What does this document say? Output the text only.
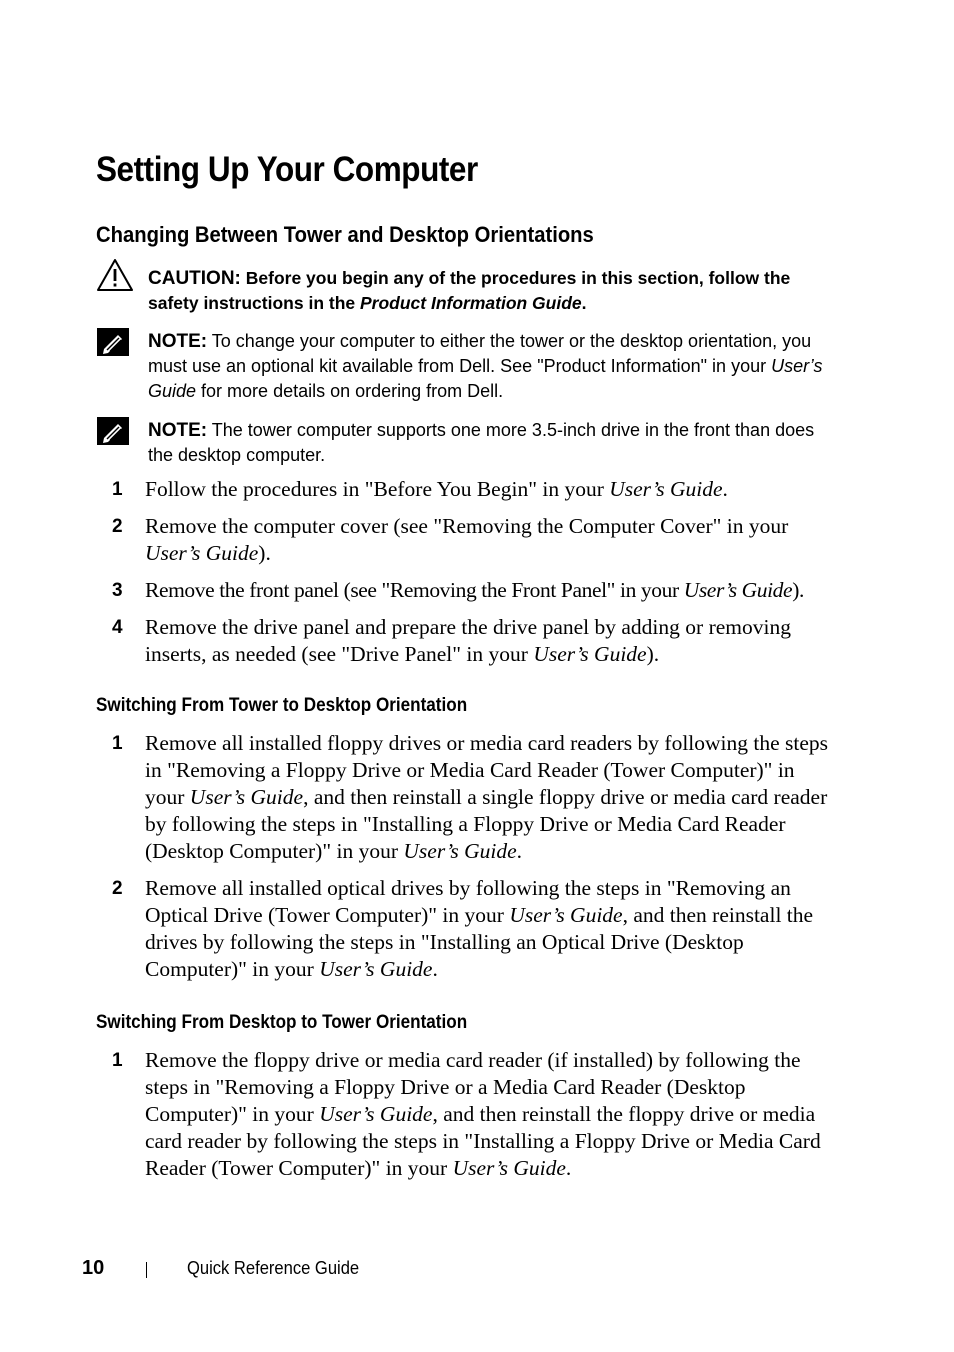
Setting Up Your Computer
Changing Between Tower and Desktop Orientations
CAUTION: Before you begin any of the procedures in this section, follow the safety instructions in the Product Information Guide.
NOTE: To change your computer to either the tower or the desktop orientation, you must use an optional kit available from Dell. See "Product Information" in your User’s Guide for more details on ordering from Dell.
NOTE: The tower computer supports one more 3.5-inch drive in the front than does the desktop computer.
1 Follow the procedures in "Before You Begin" in your User’s Guide.
2 Remove the computer cover (see "Removing the Computer Cover" in your User’s Guide).
3 Remove the front panel (see "Removing the Front Panel" in your User’s Guide).
4 Remove the drive panel and prepare the drive panel by adding or removing inserts, as needed (see "Drive Panel" in your User’s Guide).
Switching From Tower to Desktop Orientation
1 Remove all installed floppy drives or media card readers by following the steps in "Removing a Floppy Drive or Media Card Reader (Tower Computer)" in your User’s Guide, and then reinstall a single floppy drive or media card reader by following the steps in "Installing a Floppy Drive or Media Card Reader (Desktop Computer)" in your User’s Guide.
2 Remove all installed optical drives by following the steps in "Removing an Optical Drive (Tower Computer)" in your User’s Guide, and then reinstall the drives by following the steps in "Installing an Optical Drive (Desktop Computer)" in your User’s Guide.
Switching From Desktop to Tower Orientation
1 Remove the floppy drive or media card reader (if installed) by following the steps in "Removing a Floppy Drive or a Media Card Reader (Desktop Computer)" in your User’s Guide, and then reinstall the floppy drive or media card reader by following the steps in "Installing a Floppy Drive or Media Card Reader (Tower Computer)" in your User’s Guide.
10	Quick Reference Guide
